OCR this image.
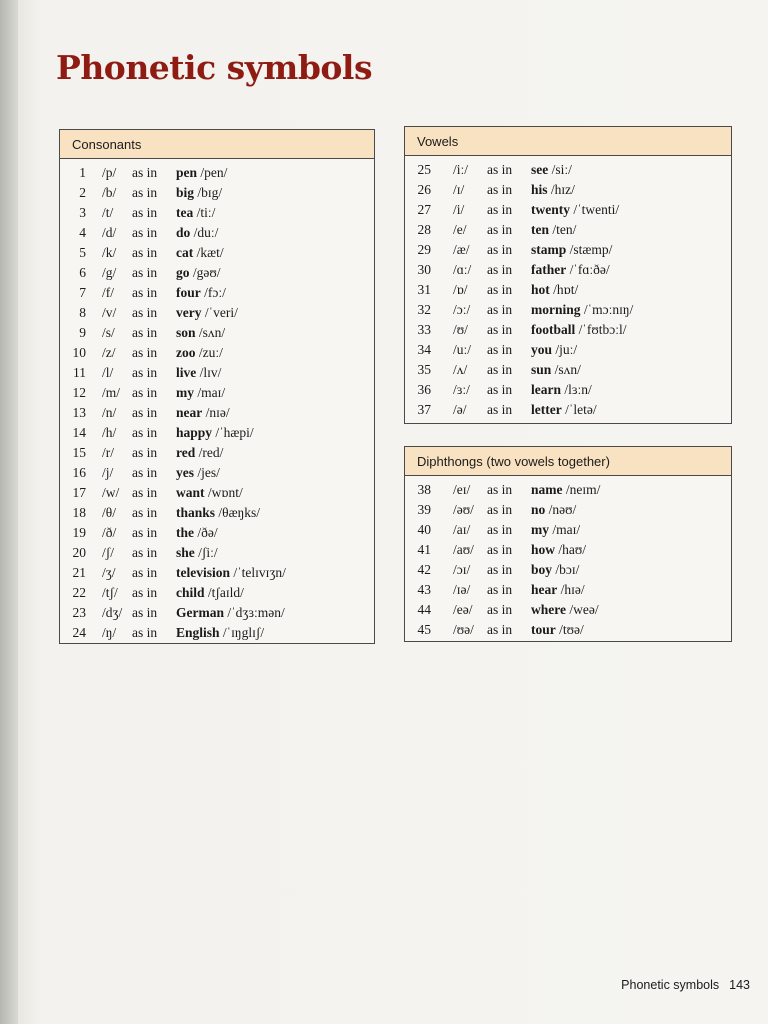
Phonetic symbols
Consonants
1 /p/ as in pen /pen/
2 /b/ as in big /bɪg/
3 /t/ as in tea /tiː/
4 /d/ as in do /duː/
5 /k/ as in cat /kæt/
6 /g/ as in go /gəʊ/
7 /f/ as in four /fɔː/
8 /v/ as in very /ˈveri/
9 /s/ as in son /sʌn/
10 /z/ as in zoo /zuː/
11 /l/ as in live /lɪv/
12 /m/ as in my /maɪ/
13 /n/ as in near /nɪə/
14 /h/ as in happy /ˈhæpi/
15 /r/ as in red /red/
16 /j/ as in yes /jes/
17 /w/ as in want /wɒnt/
18 /θ/ as in thanks /θæŋks/
19 /ð/ as in the /ðə/
20 /ʃ/ as in she /ʃiː/
21 /ʒ/ as in television /ˈtelɪvɪʒn/
22 /tʃ/ as in child /tʃaɪld/
23 /dʒ/ as in German /ˈdʒɜːmən/
24 /ŋ/ as in English /ˈɪŋglɪʃ/
Vowels
25 /iː/ as in see /siː/
26 /ɪ/ as in his /hɪz/
27 /i/ as in twenty /ˈtwenti/
28 /e/ as in ten /ten/
29 /æ/ as in stamp /stæmp/
30 /ɑː/ as in father /ˈfɑːðə/
31 /ɒ/ as in hot /hɒt/
32 /ɔː/ as in morning /ˈmɔːnɪŋ/
33 /ʊ/ as in football /ˈfʊtbɔːl/
34 /uː/ as in you /juː/
35 /ʌ/ as in sun /sʌn/
36 /ɜː/ as in learn /lɜːn/
37 /ə/ as in letter /ˈletə/
Diphthongs (two vowels together)
38 /eɪ/ as in name /neɪm/
39 /əʊ/ as in no /nəʊ/
40 /aɪ/ as in my /maɪ/
41 /aʊ/ as in how /haʊ/
42 /ɔɪ/ as in boy /bɔɪ/
43 /ɪə/ as in hear /hɪə/
44 /eə/ as in where /weə/
45 /ʊə/ as in tour /tʊə/
Phonetic symbols 143
